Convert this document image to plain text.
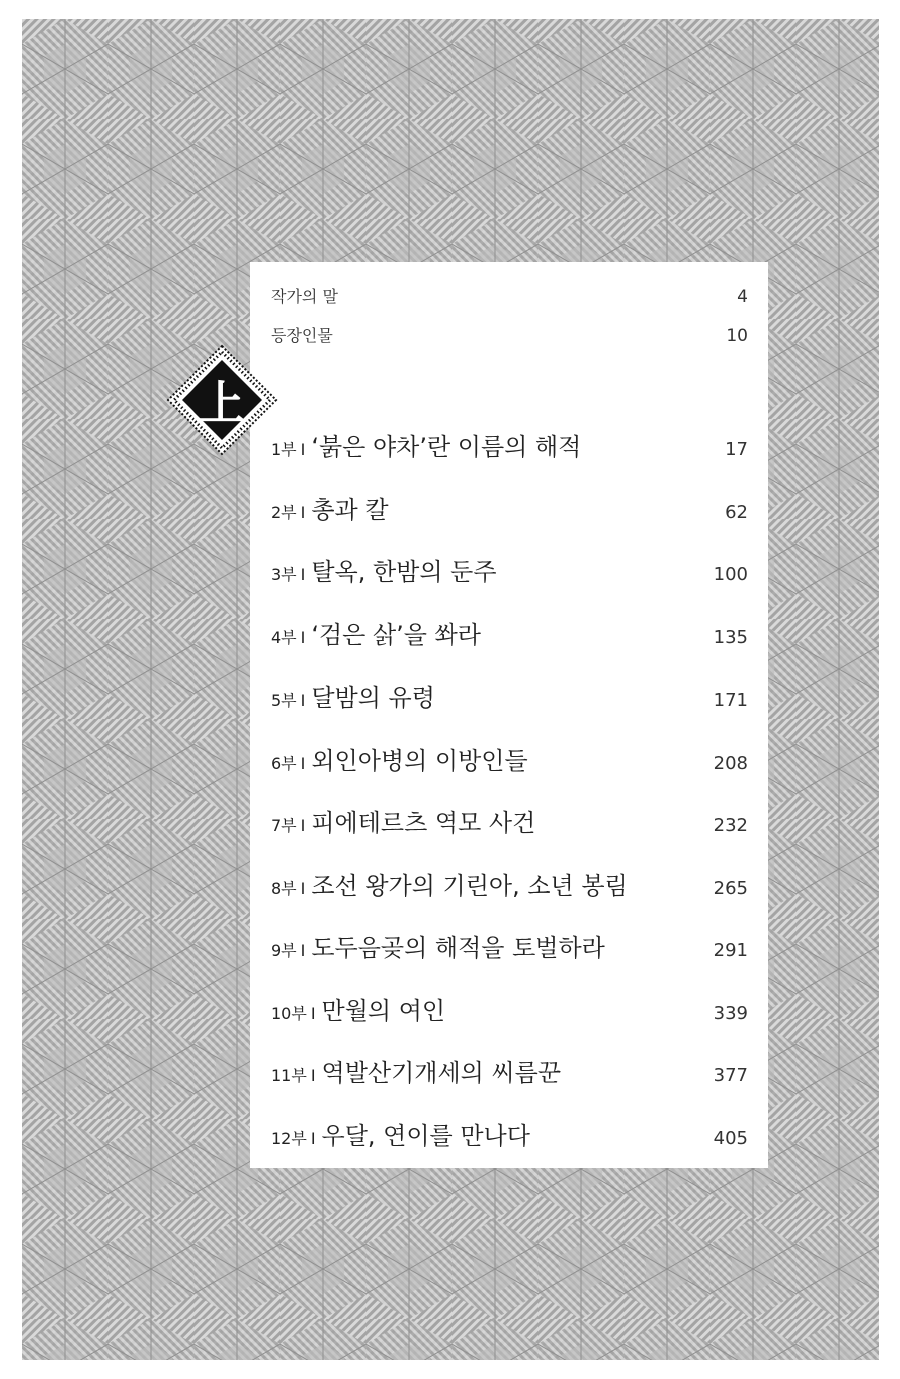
上
작가의 말	4
등장인물	10
1부 I ‘붉은 야차’란 이름의 해적	17
2부 I 총과 칼	62
3부 I 탈옥, 한밤의 둔주	100
4부 I ‘검은 삵’을 쏴라	135
5부 I 달밤의 유령	171
6부 I 외인아병의 이방인들	208
7부 I 피에테르츠 역모 사건	232
8부 I 조선 왕가의 기린아, 소년 봉림	265
9부 I 도두음곶의 해적을 토벌하라	291
10부 I 만월의 여인	339
11부 I 역발산기개세의 씨름꾼	377
12부 I 우달, 연이를 만나다	405
